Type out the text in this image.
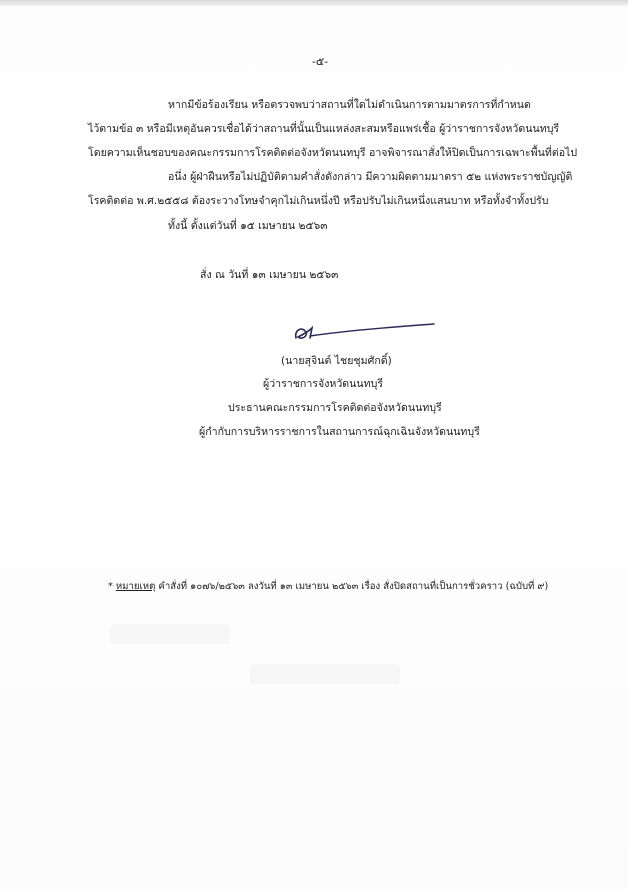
-๕-
หากมีข้อร้องเรียน หรือตรวจพบว่าสถานที่ใดไม่ดำเนินการตามมาตรการที่กำหนด
ไว้ตามข้อ ๓ หรือมีเหตุอันควรเชื่อได้ว่าสถานที่นั้นเป็นแหล่งสะสมหรือแพร่เชื้อ ผู้ว่าราชการจังหวัดนนทบุรี
โดยความเห็นชอบของคณะกรรมการโรคติดต่อจังหวัดนนทบุรี อาจพิจารณาสั่งให้ปิดเป็นการเฉพาะพื้นที่ต่อไป
อนึ่ง ผู้ฝ่าฝืนหรือไม่ปฏิบัติตามคำสั่งดังกล่าว มีความผิดตามมาตรา ๕๒ แห่งพระราชบัญญัติ
โรคติดต่อ พ.ศ.๒๕๕๘ ต้องระวางโทษจำคุกไม่เกินหนึ่งปี หรือปรับไม่เกินหนึ่งแสนบาท หรือทั้งจำทั้งปรับ
ทั้งนี้ ตั้งแต่วันที่ ๑๕ เมษายน ๒๕๖๓
สั่ง ณ วันที่ ๑๓ เมษายน ๒๕๖๓
(นายสุจินต์ ไชยชุมศักดิ์)
ผู้ว่าราชการจังหวัดนนทบุรี
ประธานคณะกรรมการโรคติดต่อจังหวัดนนทบุรี
ผู้กำกับการบริหารราชการในสถานการณ์ฉุกเฉินจังหวัดนนทบุรี
* หมายเหตุ คำสั่งที่ ๑๐๗๖/๒๕๖๓ ลงวันที่ ๑๓ เมษายน ๒๕๖๓ เรื่อง สั่งปิดสถานที่เป็นการชั่วคราว (ฉบับที่ ๙)
